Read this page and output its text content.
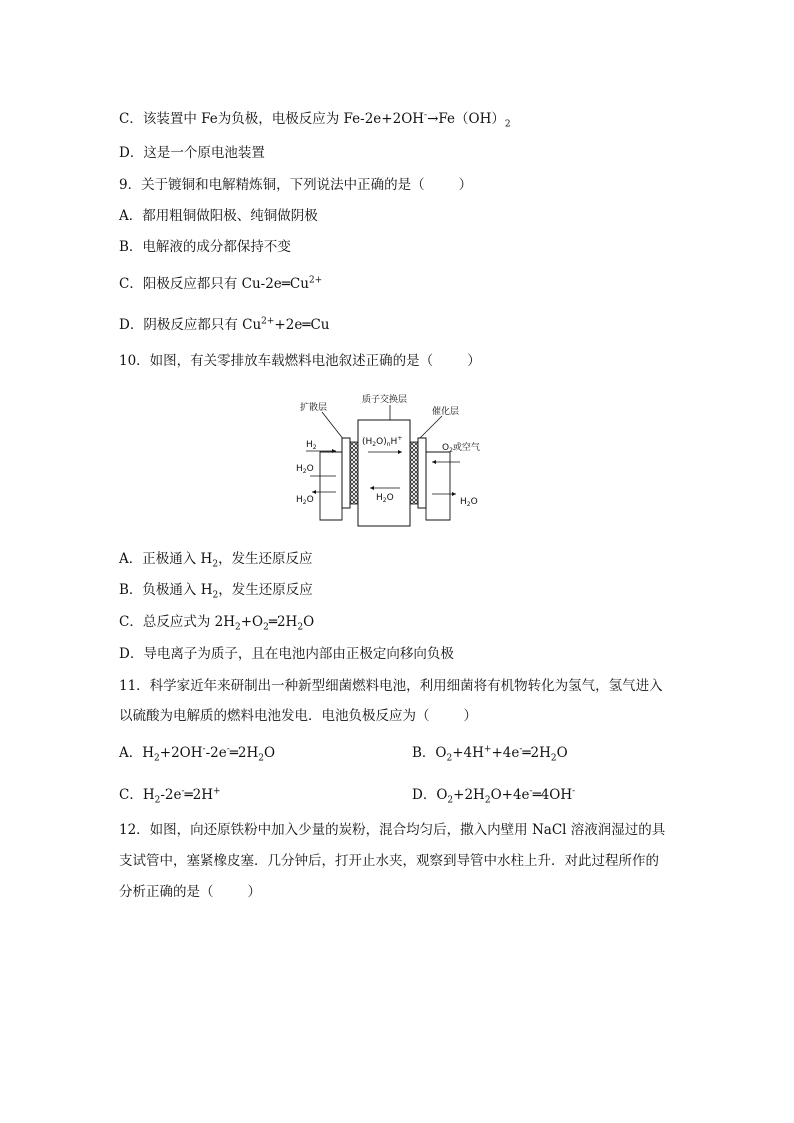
C．该装置中 Fe为负极，电极反应为 $Fe-2e+2OH^-\to Fe(OH)_2$
D．这是一个原电池装置
9．关于镀铜和电解精炼铜，下列说法中正确的是（	）
A．都用粗铜做阳极、纯铜做阴极
B．电解液的成分都保持不变
C．阳极反应都只有 $Cu-2e═Cu^{2+}$
D．阴极反应都只有 $Cu^{2+}+2e═Cu$
10．如图，有关零排放车载燃料电池叙述正确的是（	）
扩散层
质子交换层
催化层
$H_2$
$H_2O$
$H_2O$
$(H_2O)_nH^+$
$H_2O$
$O_2$或空气
$H_2O$
A．正极通入 $H_2$，发生还原反应
B．负极通入 $H_2$，发生还原反应
C．总反应式为 $2H_2+O_2═2H_2O$
D．导电离子为质子，且在电池内部由正极定向移向负极
11．科学家近年来研制出一种新型细菌燃料电池，利用细菌将有机物转化为氢气，氢气进入
以硫酸为电解质的燃料电池发电．电池负极反应为（	）
A．$H_2+2OH^--2e^-═2H_2O$	B．$O_2+4H^++4e^-═2H_2O$
C．$H_2-2e^-═2H^+$	D．$O_2+2H_2O+4e^-═4OH^-$
12．如图，向还原铁粉中加入少量的炭粉，混合均匀后，撒入内壁用 NaCl 溶液润湿过的具
支试管中，塞紧橡皮塞．几分钟后，打开止水夹，观察到导管中水柱上升．对此过程所作的
分析正确的是（	）
